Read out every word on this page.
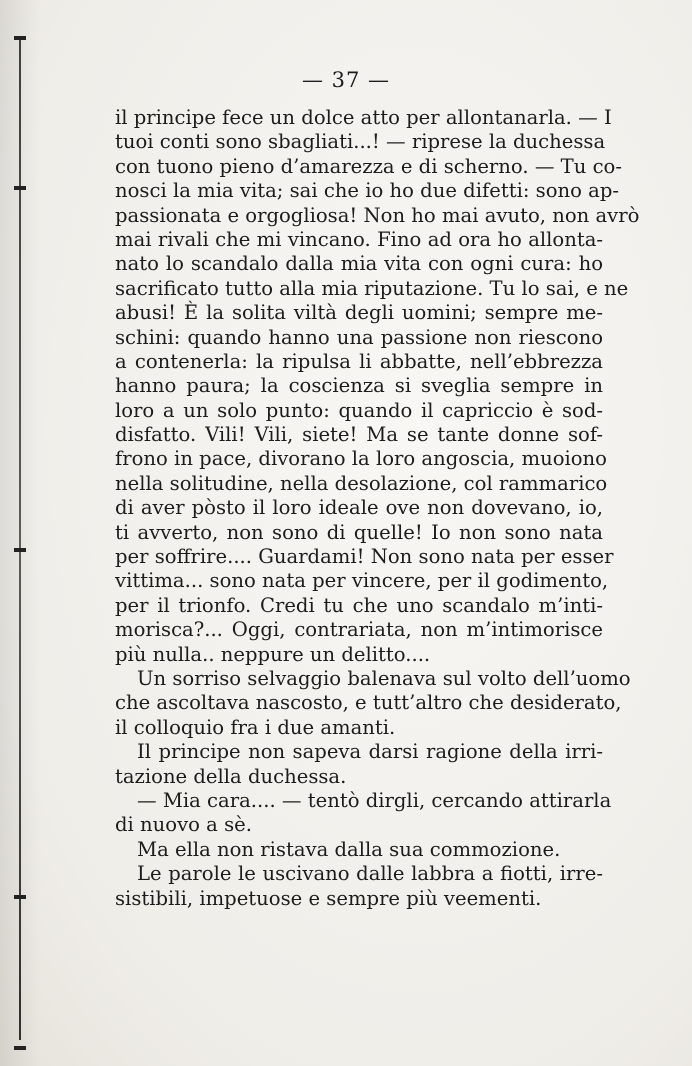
— 37 —
il principe fece un dolce atto per allontanarla. — I
tuoi conti sono sbagliati...! — riprese la duchessa
con tuono pieno d’amarezza e di scherno. — Tu co-
nosci la mia vita; sai che io ho due difetti: sono ap-
passionata e orgogliosa! Non ho mai avuto, non avrò
mai rivali che mi vincano. Fino ad ora ho allonta-
nato lo scandalo dalla mia vita con ogni cura: ho
sacrificato tutto alla mia riputazione. Tu lo sai, e ne
abusi! È la solita viltà degli uomini; sempre me-
schini: quando hanno una passione non riescono
a contenerla: la ripulsa li abbatte, nell’ebbrezza
hanno paura; la coscienza si sveglia sempre in
loro a un solo punto: quando il capriccio è sod-
disfatto. Vili! Vili, siete! Ma se tante donne sof-
frono in pace, divorano la loro angoscia, muoiono
nella solitudine, nella desolazione, col rammarico
di aver pòsto il loro ideale ove non dovevano, io,
ti avverto, non sono di quelle! Io non sono nata
per soffrire.... Guardami! Non sono nata per esser
vittima... sono nata per vincere, per il godimento,
per il trionfo. Credi tu che uno scandalo m’inti-
morisca?... Oggi, contrariata, non m’intimorisce
più nulla.. neppure un delitto....
Un sorriso selvaggio balenava sul volto dell’uomo
che ascoltava nascosto, e tutt’altro che desiderato,
il colloquio fra i due amanti.
Il principe non sapeva darsi ragione della irri-
tazione della duchessa.
— Mia cara.... — tentò dirgli, cercando attirarla
di nuovo a sè.
Ma ella non ristava dalla sua commozione.
Le parole le uscivano dalle labbra a fiotti, irre-
sistibili, impetuose e sempre più veementi.
